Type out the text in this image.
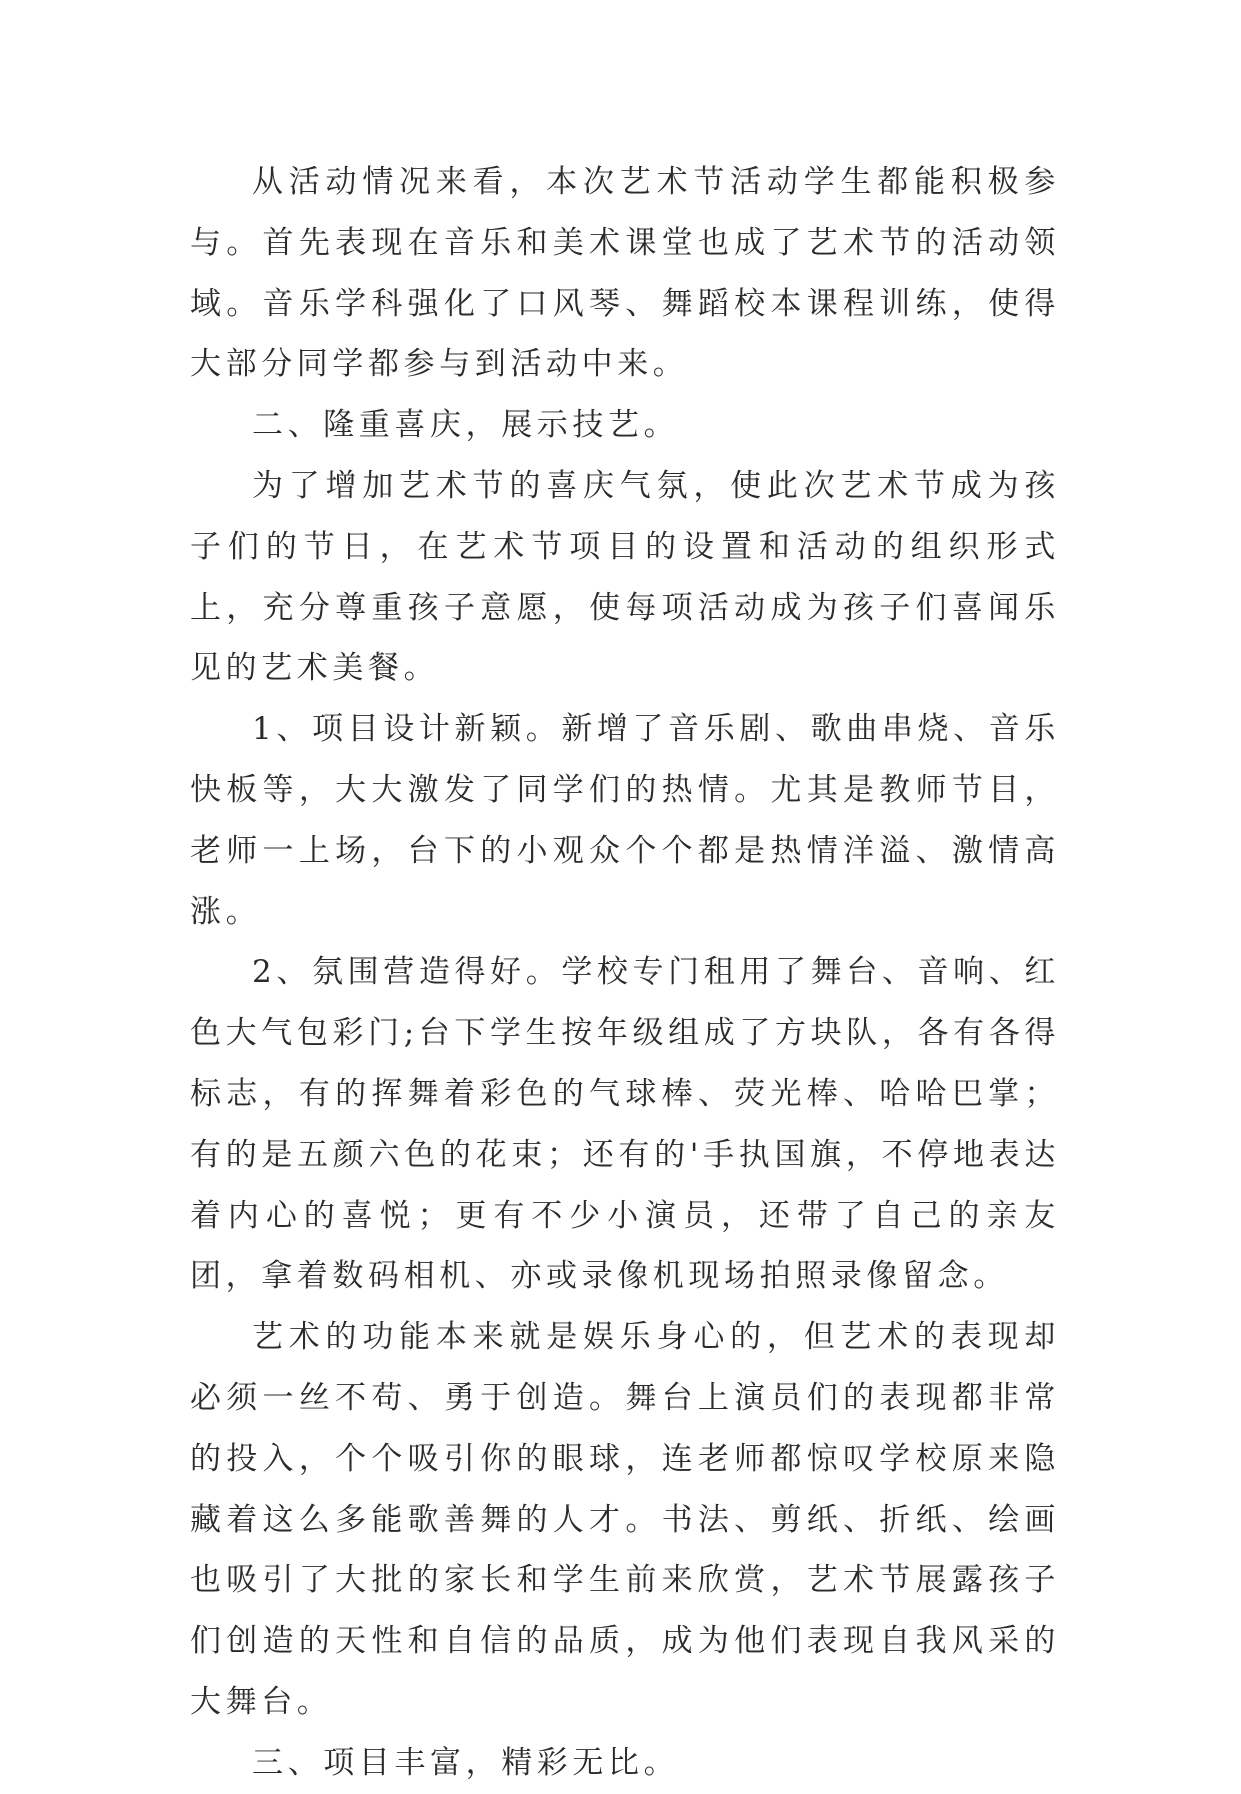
从活动情况来看，本次艺术节活动学生都能积极参与。首先表现在音乐和美术课堂也成了艺术节的活动领域。音乐学科强化了口风琴、舞蹈校本课程训练，使得大部分同学都参与到活动中来。

二、隆重喜庆，展示技艺。

为了增加艺术节的喜庆气氛，使此次艺术节成为孩子们的节日，在艺术节项目的设置和活动的组织形式上，充分尊重孩子意愿，使每项活动成为孩子们喜闻乐见的艺术美餐。

1、项目设计新颖。新增了音乐剧、歌曲串烧、音乐快板等，大大激发了同学们的热情。尤其是教师节目，老师一上场，台下的小观众个个都是热情洋溢、激情高涨。

2、氛围营造得好。学校专门租用了舞台、音响、红色大气包彩门;台下学生按年级组成了方块队，各有各得标志，有的挥舞着彩色的气球棒、荧光棒、哈哈巴掌；有的是五颜六色的花束；还有的'手执国旗，不停地表达着内心的喜悦；更有不少小演员，还带了自己的亲友团，拿着数码相机、亦或录像机现场拍照录像留念。

艺术的功能本来就是娱乐身心的，但艺术的表现却必须一丝不苟、勇于创造。舞台上演员们的表现都非常的投入，个个吸引你的眼球，连老师都惊叹学校原来隐藏着这么多能歌善舞的人才。书法、剪纸、折纸、绘画也吸引了大批的家长和学生前来欣赏，艺术节展露孩子们创造的天性和自信的品质，成为他们表现自我风采的大舞台。

三、项目丰富，精彩无比。
